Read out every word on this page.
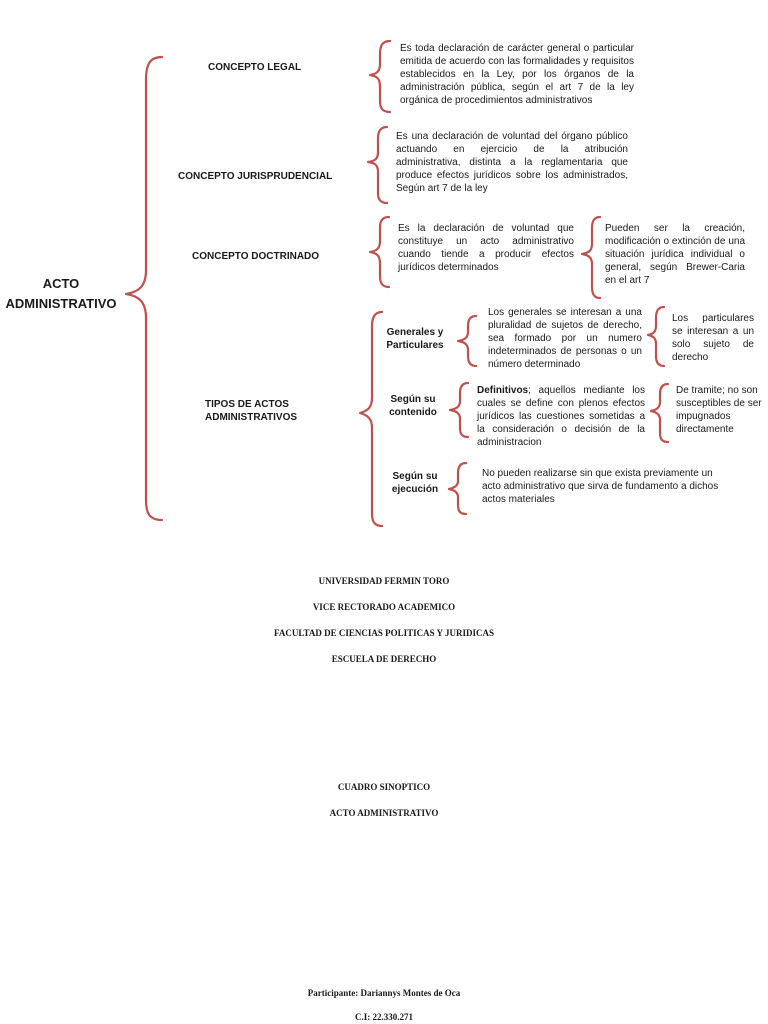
ACTO
ADMINISTRATIVO
CONCEPTO LEGAL
Es toda declaración de carácter general o particular emitida de acuerdo con las formalidades y requisitos establecidos en la Ley, por los órganos de la administración pública, según el art 7 de la ley orgánica de procedimientos administrativos
CONCEPTO JURISPRUDENCIAL
Es una declaración de voluntad del órgano público actuando en ejercicio de la atribución administrativa, distinta a la reglamentaria que produce efectos jurídicos sobre los administrados, Según art 7 de la ley
CONCEPTO DOCTRINADO
Es la declaración de voluntad que constituye un acto administrativo cuando tiende a producir efectos jurídicos determinados
Pueden ser la creación, modificación o extinción de una situación jurídica individual o general, según Brewer-Caria en el art 7
TIPOS DE ACTOS
ADMINISTRATIVOS
Generales y
Particulares
Los generales se interesan a una pluralidad de sujetos de derecho, sea formado por un numero indeterminados de personas o un número determinado
Los particulares se interesan a un solo sujeto de derecho
Según su
contenido
Definitivos; aquellos mediante los cuales se define con plenos efectos jurídicos las cuestiones sometidas a la consideración o decisión de la administracion
De tramite; no son susceptibles de ser impugnados directamente
Según su
ejecución
No pueden realizarse sin que exista previamente un acto administrativo que sirva de fundamento a dichos actos materiales
UNIVERSIDAD FERMIN TORO
VICE RECTORADO ACADEMICO
FACULTAD DE CIENCIAS POLITICAS Y JURIDICAS
ESCUELA DE DERECHO
CUADRO SINOPTICO
ACTO ADMINISTRATIVO
Participante: Dariannys Montes de Oca
C.I: 22.330.271
